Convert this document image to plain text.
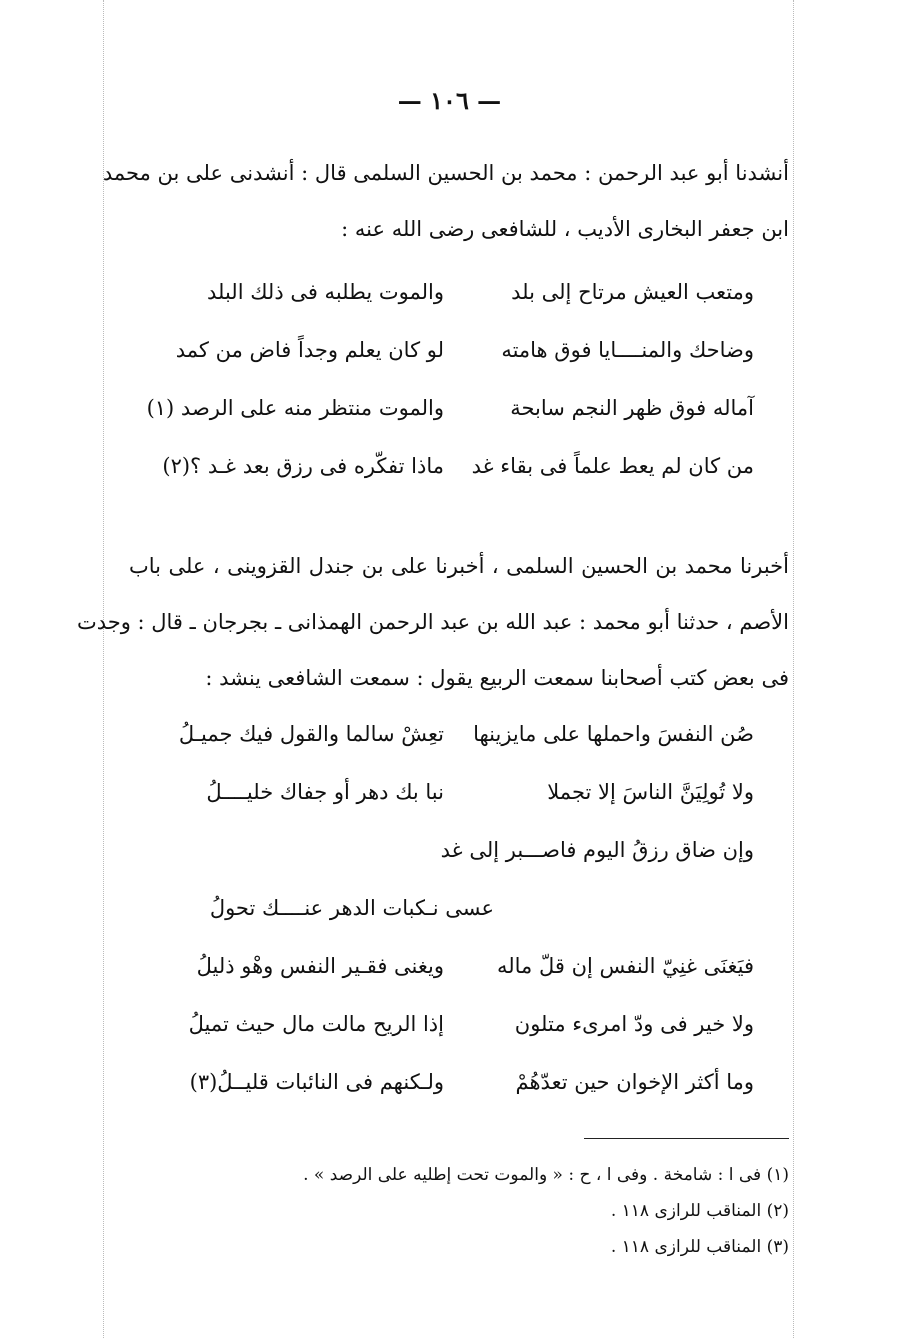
— ١٠٦ —
أنشدنا أبو عبد الرحمن : محمد بن الحسين السلمى قال : أنشدنى على بن محمد
ابن جعفر البخارى الأديب ، للشافعى رضى الله عنه :
ومتعب العيش مرتاح إلى بلد
والموت يطلبه فى ذلك البلد
وضاحك والمنــــايا فوق هامته
لو كان يعلم وجداً فاض من كمد
آماله فوق ظهر النجم سابحة
والموت منتظر منه على الرصد (١)
من كان لم يعط علماً فى بقاء غد
ماذا تفكّره فى رزق بعد غـد ؟(٢)
أخبرنا محمد بن الحسين السلمى ، أخبرنا على بن جندل القزوينى ، على باب
الأصم ، حدثنا أبو محمد : عبد الله بن عبد الرحمن الهمذانى ـ بجرجان ـ قال : وجدت
فى بعض كتب أصحابنا سمعت الربيع يقول : سمعت الشافعى ينشد :
صُن النفسَ واحملها على مايزينها
تعِشْ سالما والقول فيك جميـلُ
ولا تُولِيَنَّ الناسَ إلا تجملا
نبا بك دهر أو جفاك خليــــلُ
وإن ضاق رزقُ اليوم فاصـــبر إلى غد
عسى نـكبات الدهر عنــــك تحولُ
فيَغنَى غنِيّ النفس إن قلّ ماله
ويغنى فقـير النفس وهْو ذليلُ
ولا خير فى ودّ امرىء متلون
إذا الريح مالت مال حيث تميلُ
وما أكثر الإخوان حين تعدّهُمْ
ولـكنهم فى النائبات قليــلُ(٣)
(١) فى ا : شامخة . وفى ا ، ح : « والموت تحت إطليه على الرصد » .
(٢) المناقب للرازى ١١٨ .
(٣) المناقب للرازى ١١٨ .
